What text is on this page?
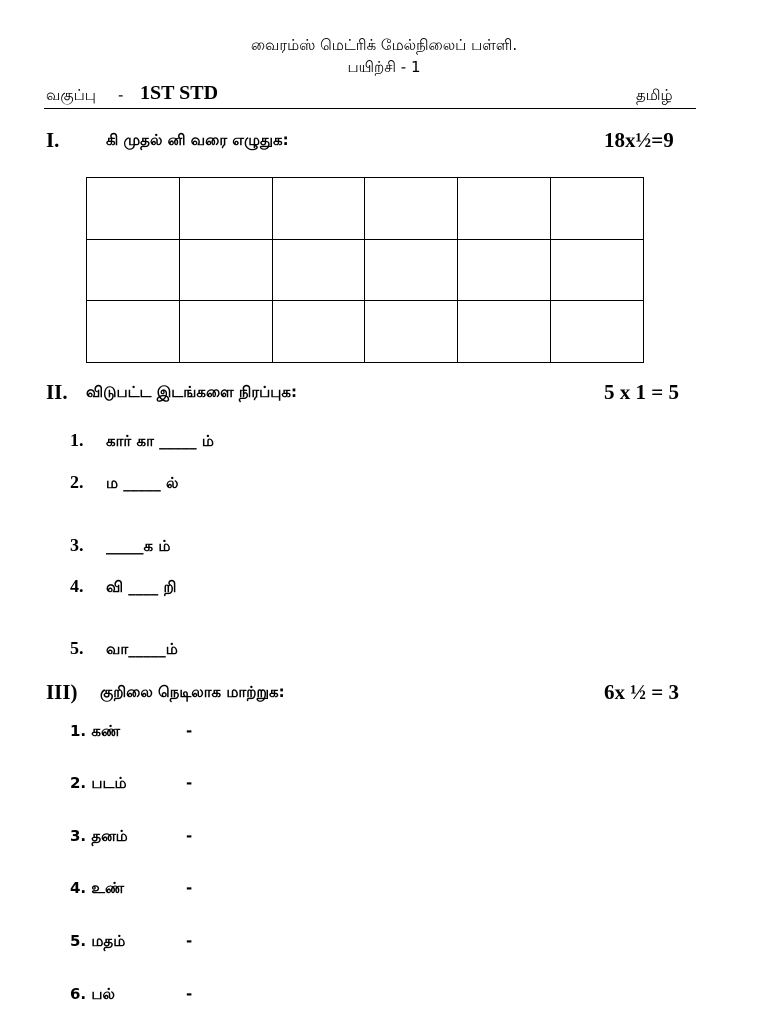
வைரம்ஸ் மெட்ரிக் மேல்நிலைப் பள்ளி.
பயிற்சி - 1
வகுப்பு - 1ST STD	தமிழ்
I.	கி முதல் னி வரை எழுதுக:	18x½=9

II. விடுபட்ட இடங்களை நிரப்புக:	5 x 1 = 5
1. கார் கா _____ ம்
2. ம _____ ல்
3. _____க ம்
4. வி ____ றி
5. வா_____ம்
III) குறிலை நெடிலாக மாற்றுக:	6x ½ = 3
1. கண்	-
2. படம்	-
3. தனம்	-
4. உண்	-
5. மதம்	-
6. பல்	-
